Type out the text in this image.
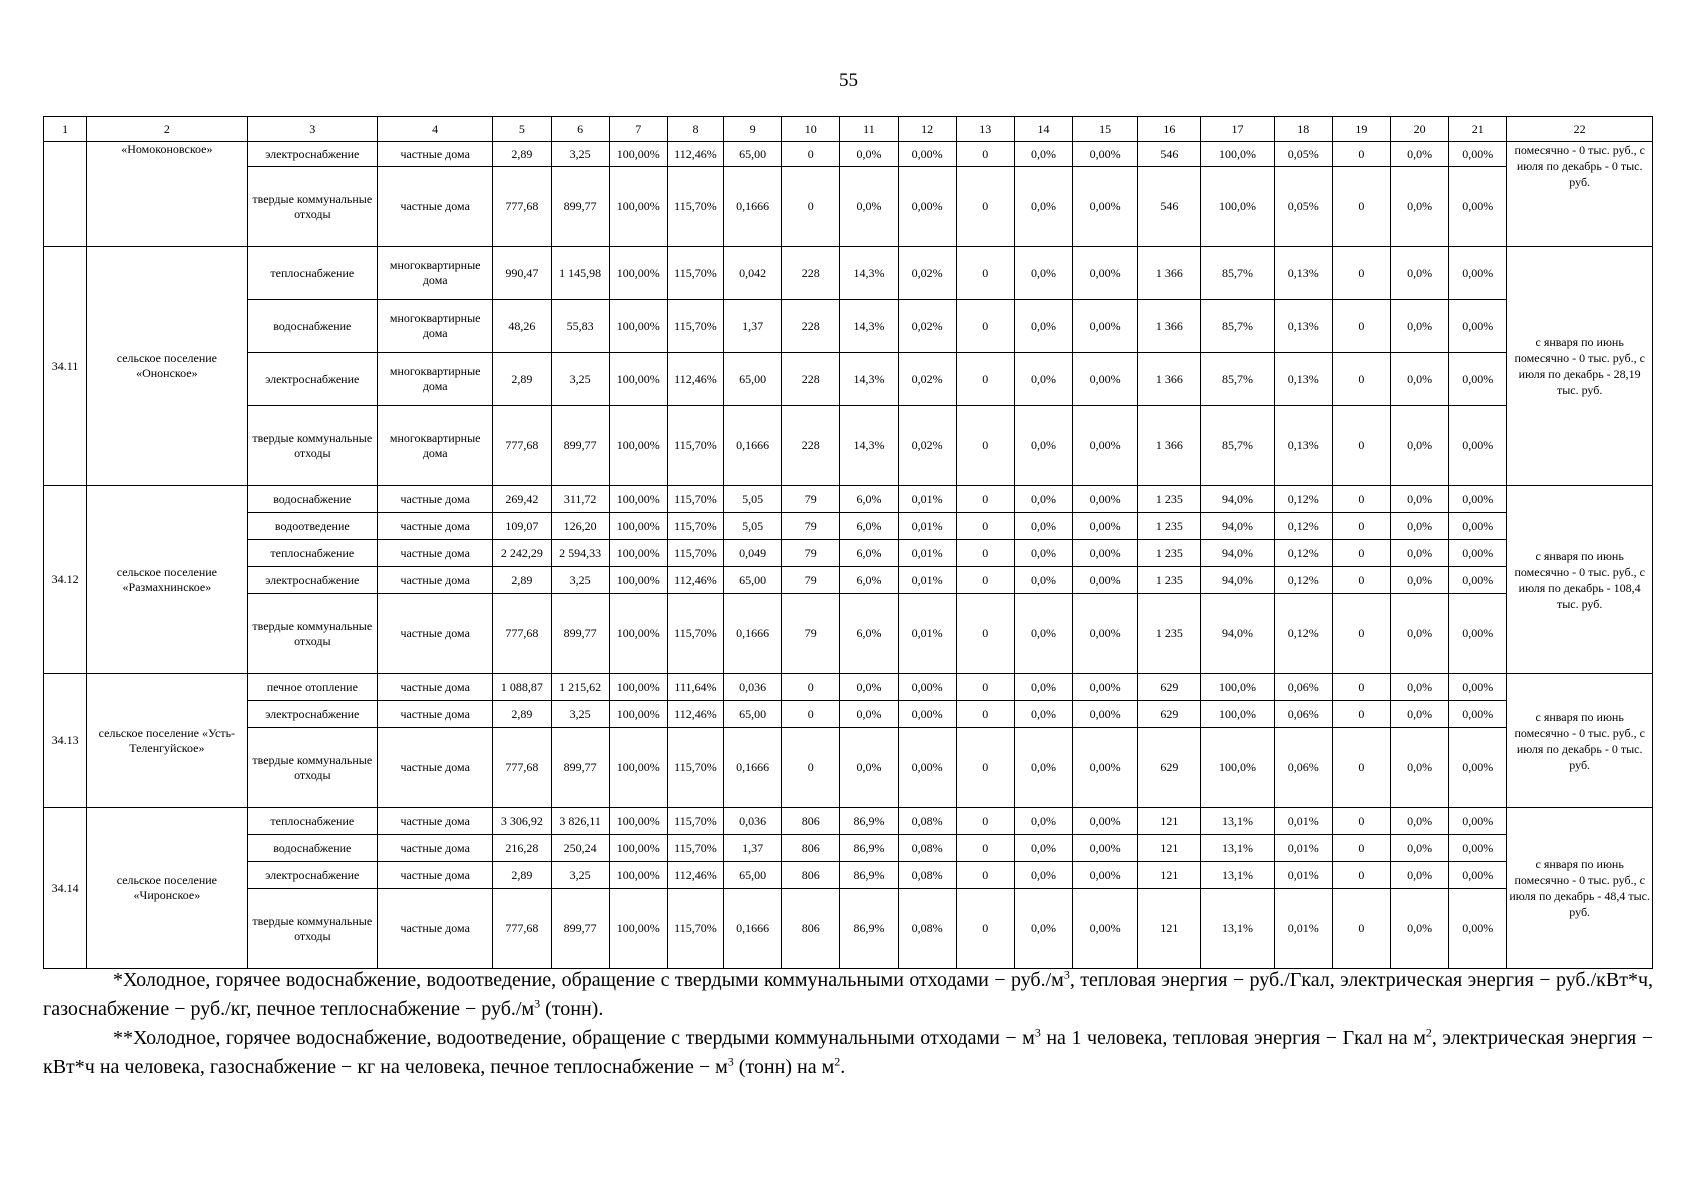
55
1	2	3	4	5	6	7	8	9	10	11	12	13	14	15	16	17	18	19	20	21	22
	«Номоконовское»	электроснабжение	частные дома	2,89	3,25	100,00%	112,46%	65,00	0	0,0%	0,00%	0	0,0%	0,00%	546	100,0%	0,05%	0	0,0%	0,00%	помесячно - 0 тыс. руб., с июля по декабрь - 0 тыс. руб.
		твердые коммунальные отходы	частные дома	777,68	899,77	100,00%	115,70%	0,1666	0	0,0%	0,00%	0	0,0%	0,00%	546	100,0%	0,05%	0	0,0%	0,00%	
34.11	сельское поселение «Ононское»	теплоснабжение	многоквартирные дома	990,47	1 145,98	100,00%	115,70%	0,042	228	14,3%	0,02%	0	0,0%	0,00%	1 366	85,7%	0,13%	0	0,0%	0,00%	с января по июнь помесячно - 0 тыс. руб., с июля по декабрь - 28,19 тыс. руб.
		водоснабжение	многоквартирные дома	48,26	55,83	100,00%	115,70%	1,37	228	14,3%	0,02%	0	0,0%	0,00%	1 366	85,7%	0,13%	0	0,0%	0,00%	
		электроснабжение	многоквартирные дома	2,89	3,25	100,00%	112,46%	65,00	228	14,3%	0,02%	0	0,0%	0,00%	1 366	85,7%	0,13%	0	0,0%	0,00%	
		твердые коммунальные отходы	многоквартирные дома	777,68	899,77	100,00%	115,70%	0,1666	228	14,3%	0,02%	0	0,0%	0,00%	1 366	85,7%	0,13%	0	0,0%	0,00%	
34.12	сельское поселение «Размахнинское»	водоснабжение	частные дома	269,42	311,72	100,00%	115,70%	5,05	79	6,0%	0,01%	0	0,0%	0,00%	1 235	94,0%	0,12%	0	0,0%	0,00%	с января по июнь помесячно - 0 тыс. руб., с июля по декабрь - 108,4 тыс. руб.
		водоотведение	частные дома	109,07	126,20	100,00%	115,70%	5,05	79	6,0%	0,01%	0	0,0%	0,00%	1 235	94,0%	0,12%	0	0,0%	0,00%	
		теплоснабжение	частные дома	2 242,29	2 594,33	100,00%	115,70%	0,049	79	6,0%	0,01%	0	0,0%	0,00%	1 235	94,0%	0,12%	0	0,0%	0,00%	
		электроснабжение	частные дома	2,89	3,25	100,00%	112,46%	65,00	79	6,0%	0,01%	0	0,0%	0,00%	1 235	94,0%	0,12%	0	0,0%	0,00%	
		твердые коммунальные отходы	частные дома	777,68	899,77	100,00%	115,70%	0,1666	79	6,0%	0,01%	0	0,0%	0,00%	1 235	94,0%	0,12%	0	0,0%	0,00%	
34.13	сельское поселение «Усть-Теленгуйское»	печное отопление	частные дома	1 088,87	1 215,62	100,00%	111,64%	0,036	0	0,0%	0,00%	0	0,0%	0,00%	629	100,0%	0,06%	0	0,0%	0,00%	с января по июнь помесячно - 0 тыс. руб., с июля по декабрь - 0 тыс. руб.
		электроснабжение	частные дома	2,89	3,25	100,00%	112,46%	65,00	0	0,0%	0,00%	0	0,0%	0,00%	629	100,0%	0,06%	0	0,0%	0,00%	
		твердые коммунальные отходы	частные дома	777,68	899,77	100,00%	115,70%	0,1666	0	0,0%	0,00%	0	0,0%	0,00%	629	100,0%	0,06%	0	0,0%	0,00%	
34.14	сельское поселение «Чиронское»	теплоснабжение	частные дома	3 306,92	3 826,11	100,00%	115,70%	0,036	806	86,9%	0,08%	0	0,0%	0,00%	121	13,1%	0,01%	0	0,0%	0,00%	с января по июнь помесячно - 0 тыс. руб., с июля по декабрь - 48,4 тыс. руб.
		водоснабжение	частные дома	216,28	250,24	100,00%	115,70%	1,37	806	86,9%	0,08%	0	0,0%	0,00%	121	13,1%	0,01%	0	0,0%	0,00%	
		электроснабжение	частные дома	2,89	3,25	100,00%	112,46%	65,00	806	86,9%	0,08%	0	0,0%	0,00%	121	13,1%	0,01%	0	0,0%	0,00%	
		твердые коммунальные отходы	частные дома	777,68	899,77	100,00%	115,70%	0,1666	806	86,9%	0,08%	0	0,0%	0,00%	121	13,1%	0,01%	0	0,0%	0,00%	

*Холодное, горячее водоснабжение, водоотведение, обращение с твердыми коммунальными отходами − $руб./м^3$, тепловая энергия − руб./Гкал, электрическая энергия − руб./кВт*ч, газоснабжение − руб./кг, печное теплоснабжение − $руб./м^3$ (тонн).

**Холодное, горячее водоснабжение, водоотведение, обращение с твердыми коммунальными отходами − $м^3$ на 1 человека, тепловая энергия − Гкал на $м^2$, электрическая энергия − кВт*ч на человека, газоснабжение − кг на человека, печное теплоснабжение − $м^3$ (тонн) на $м^2$.
